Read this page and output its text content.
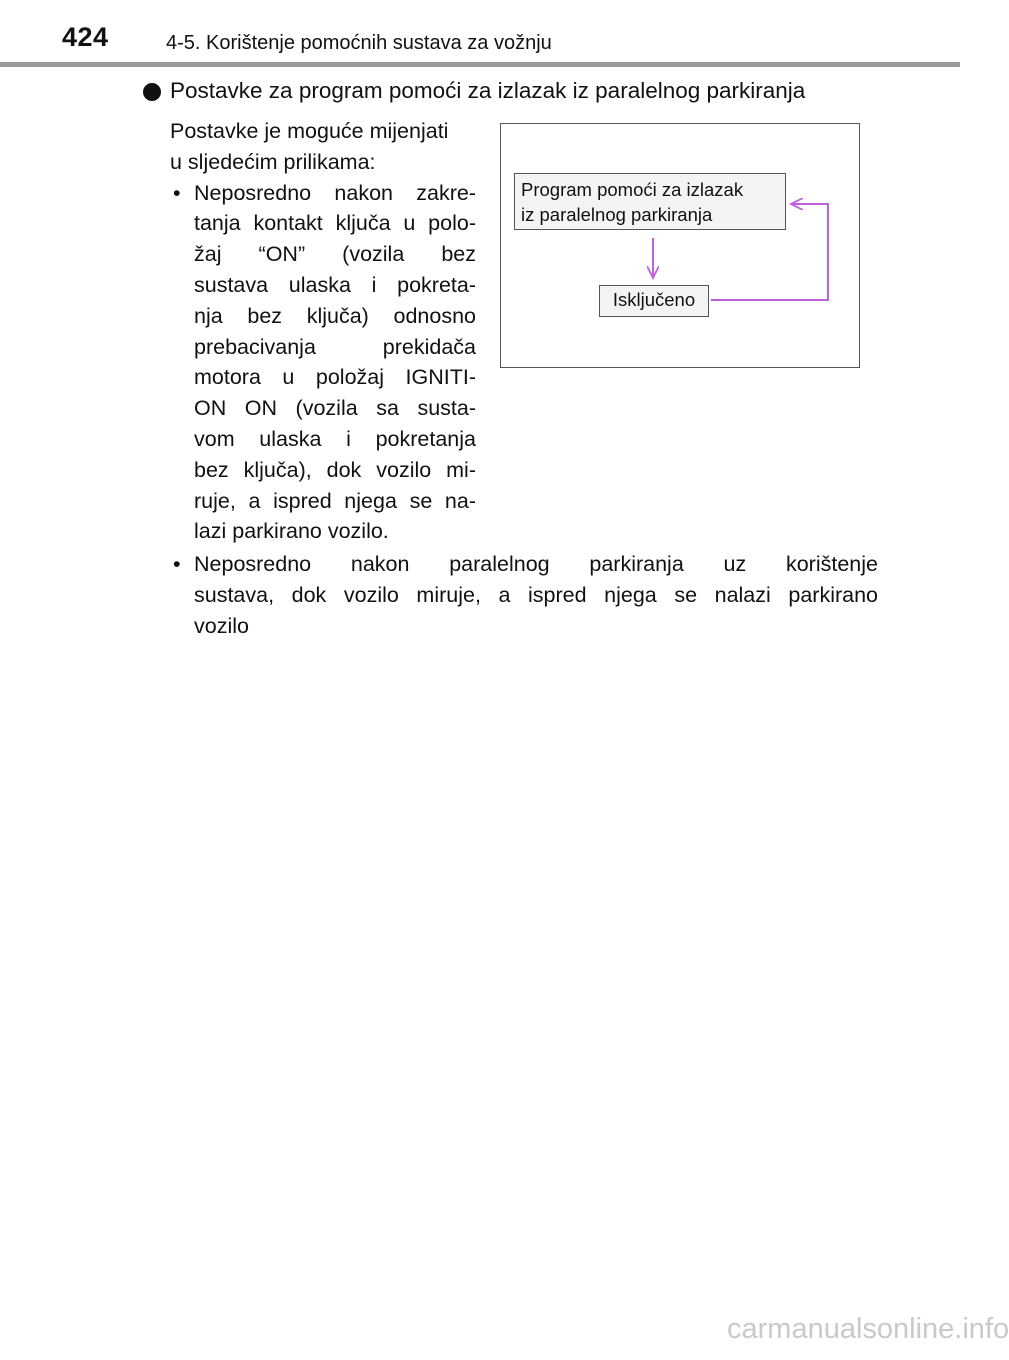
424	4-5. Korištenje pomoćnih sustava za vožnju
Postavke za program pomoći za izlazak iz paralelnog parkiranja
Postavke je moguće mijenjati
u sljedećim prilikama:
• Neposredno nakon zakre-
tanja kontakt ključa u polo-
žaj “ON” (vozila bez
sustava ulaska i pokreta-
nja bez ključa) odnosno
prebacivanja prekidača
motora u položaj IGNITI-
ON ON (vozila sa susta-
vom ulaska i pokretanja
bez ključa), dok vozilo mi-
ruje, a ispred njega se na-
lazi parkirano vozilo.
• Neposredno nakon paralelnog parkiranja uz korištenje
sustava, dok vozilo miruje, a ispred njega se nalazi parkirano
vozilo
Program pomoći za izlazak
iz paralelnog parkiranja
Isključeno
carmanualsonline.info
